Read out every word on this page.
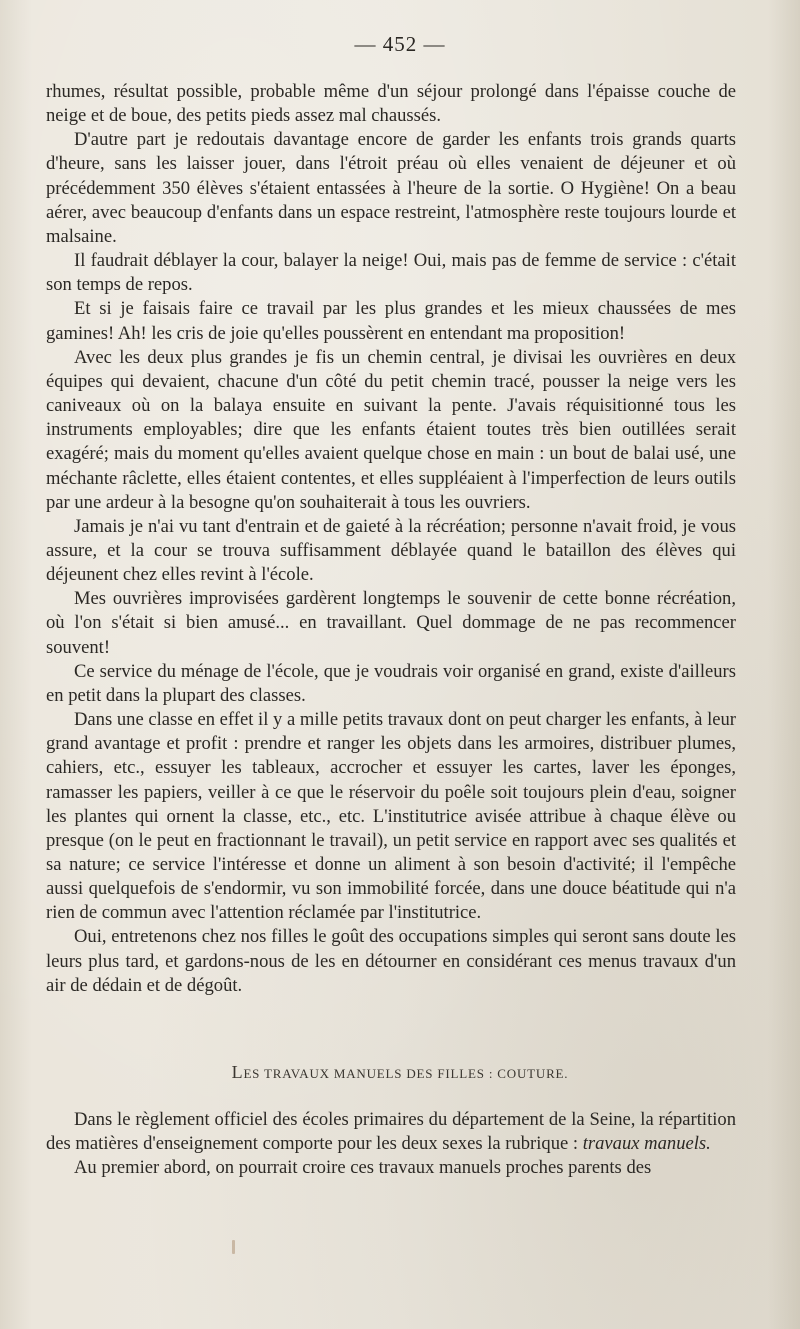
— 452 —

rhumes, résultat possible, probable même d'un séjour prolongé dans l'épaisse couche de neige et de boue, des petits pieds assez mal chaussés.

D'autre part je redoutais davantage encore de garder les enfants trois grands quarts d'heure, sans les laisser jouer, dans l'étroit préau où elles venaient de déjeuner et où précédemment 350 élèves s'étaient entassées à l'heure de la sortie. O Hygiène! On a beau aérer, avec beaucoup d'enfants dans un espace restreint, l'atmosphère reste toujours lourde et malsaine.

Il faudrait déblayer la cour, balayer la neige! Oui, mais pas de femme de service : c'était son temps de repos.

Et si je faisais faire ce travail par les plus grandes et les mieux chaussées de mes gamines! Ah! les cris de joie qu'elles poussèrent en entendant ma proposition!

Avec les deux plus grandes je fis un chemin central, je divisai les ouvrières en deux équipes qui devaient, chacune d'un côté du petit chemin tracé, pousser la neige vers les caniveaux où on la balaya ensuite en suivant la pente. J'avais réquisitionné tous les instruments employables; dire que les enfants étaient toutes très bien outillées serait exagéré; mais du moment qu'elles avaient quelque chose en main : un bout de balai usé, une méchante râclette, elles étaient contentes, et elles suppléaient à l'imperfection de leurs outils par une ardeur à la besogne qu'on souhaiterait à tous les ouvriers.

Jamais je n'ai vu tant d'entrain et de gaieté à la récréation; personne n'avait froid, je vous assure, et la cour se trouva suffisamment déblayée quand le bataillon des élèves qui déjeunent chez elles revint à l'école.

Mes ouvrières improvisées gardèrent longtemps le souvenir de cette bonne récréation, où l'on s'était si bien amusé... en travaillant. Quel dommage de ne pas recommencer souvent!

Ce service du ménage de l'école, que je voudrais voir organisé en grand, existe d'ailleurs en petit dans la plupart des classes.

Dans une classe en effet il y a mille petits travaux dont on peut charger les enfants, à leur grand avantage et profit : prendre et ranger les objets dans les armoires, distribuer plumes, cahiers, etc., essuyer les tableaux, accrocher et essuyer les cartes, laver les éponges, ramasser les papiers, veiller à ce que le réservoir du poêle soit toujours plein d'eau, soigner les plantes qui ornent la classe, etc., etc. L'institutrice avisée attribue à chaque élève ou presque (on le peut en fractionnant le travail), un petit service en rapport avec ses qualités et sa nature; ce service l'intéresse et donne un aliment à son besoin d'activité; il l'empêche aussi quelquefois de s'endormir, vu son immobilité forcée, dans une douce béatitude qui n'a rien de commun avec l'attention réclamée par l'institutrice.

Oui, entretenons chez nos filles le goût des occupations simples qui seront sans doute les leurs plus tard, et gardons-nous de les en détourner en considérant ces menus travaux d'un air de dédain et de dégoût.

LES TRAVAUX MANUELS DES FILLES : COUTURE.

Dans le règlement officiel des écoles primaires du département de la Seine, la répartition des matières d'enseignement comporte pour les deux sexes la rubrique : travaux manuels.

Au premier abord, on pourrait croire ces travaux manuels proches parents des
